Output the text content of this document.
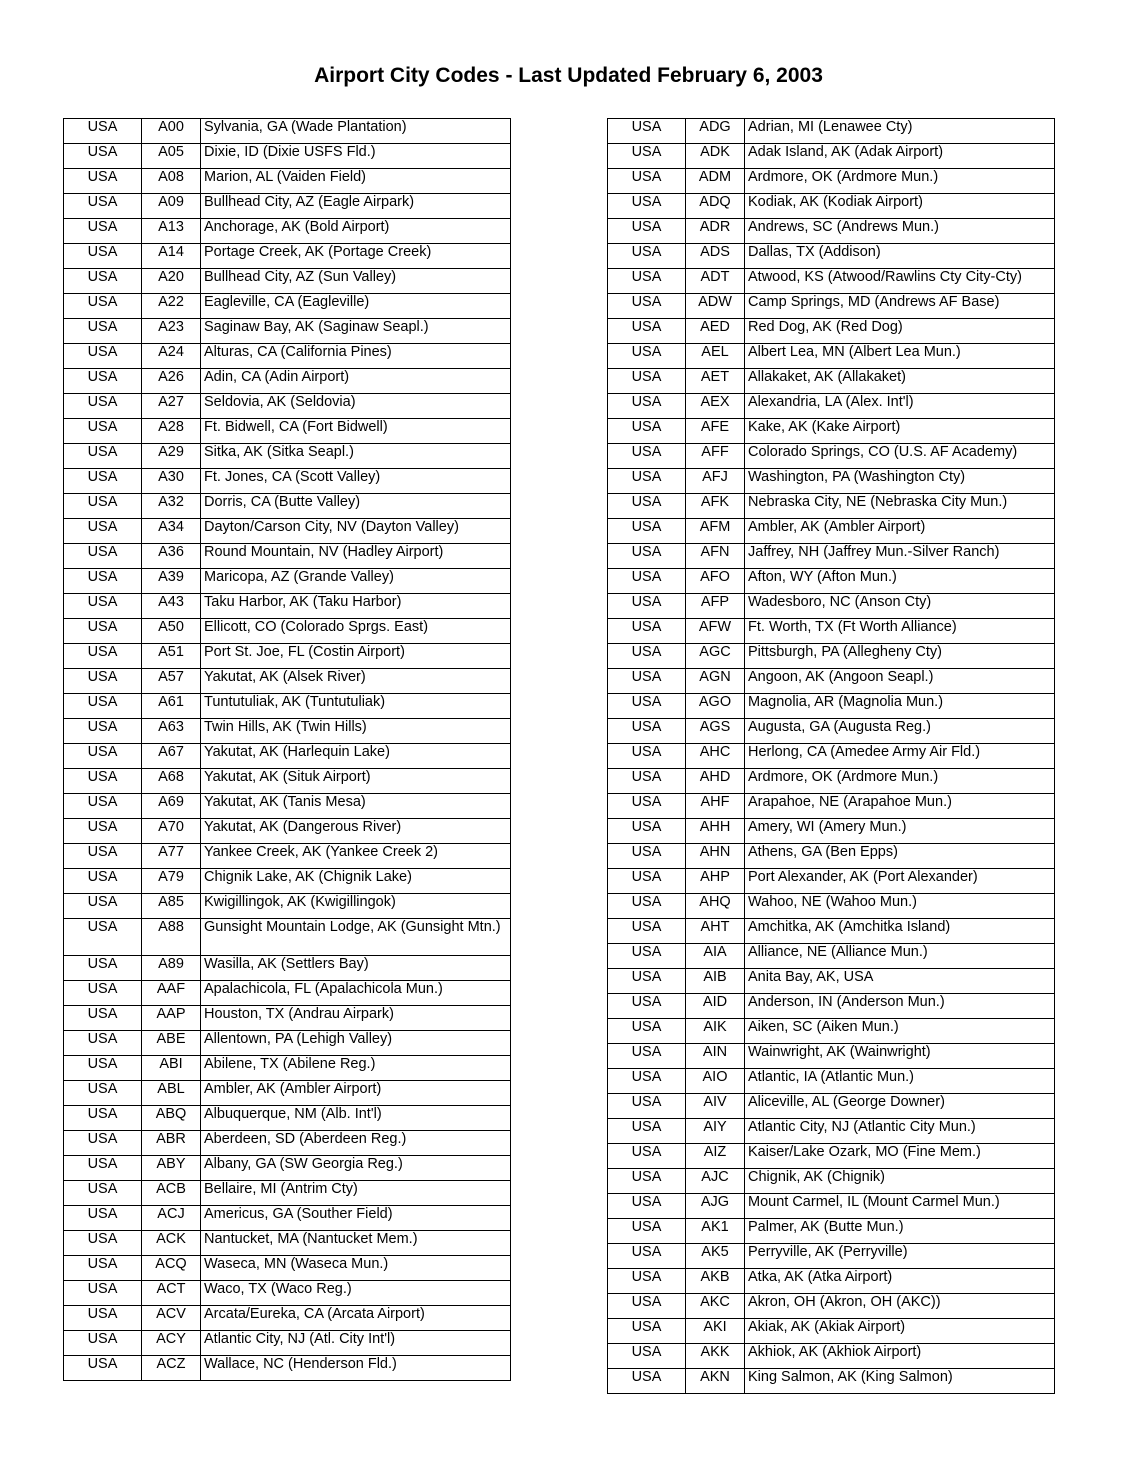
Airport City Codes - Last Updated February 6, 2003
USA	A00	Sylvania, GA (Wade Plantation)
USA	A05	Dixie, ID (Dixie USFS Fld.)
USA	A08	Marion, AL (Vaiden Field)
USA	A09	Bullhead City, AZ (Eagle Airpark)
USA	A13	Anchorage, AK (Bold Airport)
USA	A14	Portage Creek, AK (Portage Creek)
USA	A20	Bullhead City, AZ (Sun Valley)
USA	A22	Eagleville, CA (Eagleville)
USA	A23	Saginaw Bay, AK (Saginaw Seapl.)
USA	A24	Alturas, CA (California Pines)
USA	A26	Adin, CA (Adin Airport)
USA	A27	Seldovia, AK (Seldovia)
USA	A28	Ft. Bidwell, CA (Fort Bidwell)
USA	A29	Sitka, AK (Sitka Seapl.)
USA	A30	Ft. Jones, CA (Scott Valley)
USA	A32	Dorris, CA (Butte Valley)
USA	A34	Dayton/Carson City, NV (Dayton Valley)
USA	A36	Round Mountain, NV (Hadley Airport)
USA	A39	Maricopa, AZ (Grande Valley)
USA	A43	Taku Harbor, AK (Taku Harbor)
USA	A50	Ellicott, CO (Colorado Sprgs. East)
USA	A51	Port St. Joe, FL (Costin Airport)
USA	A57	Yakutat, AK (Alsek River)
USA	A61	Tuntutuliak, AK (Tuntutuliak)
USA	A63	Twin Hills, AK (Twin Hills)
USA	A67	Yakutat, AK (Harlequin Lake)
USA	A68	Yakutat, AK (Situk Airport)
USA	A69	Yakutat, AK (Tanis Mesa)
USA	A70	Yakutat, AK (Dangerous River)
USA	A77	Yankee Creek, AK (Yankee Creek 2)
USA	A79	Chignik Lake, AK (Chignik Lake)
USA	A85	Kwigillingok, AK (Kwigillingok)
USA	A88	Gunsight Mountain Lodge, AK (Gunsight Mtn.)
USA	A89	Wasilla, AK (Settlers Bay)
USA	AAF	Apalachicola, FL (Apalachicola Mun.)
USA	AAP	Houston, TX (Andrau Airpark)
USA	ABE	Allentown, PA (Lehigh Valley)
USA	ABI	Abilene, TX (Abilene Reg.)
USA	ABL	Ambler, AK (Ambler Airport)
USA	ABQ	Albuquerque, NM (Alb. Int'l)
USA	ABR	Aberdeen, SD (Aberdeen Reg.)
USA	ABY	Albany, GA (SW Georgia Reg.)
USA	ACB	Bellaire, MI (Antrim Cty)
USA	ACJ	Americus, GA (Souther Field)
USA	ACK	Nantucket, MA (Nantucket Mem.)
USA	ACQ	Waseca, MN (Waseca Mun.)
USA	ACT	Waco, TX (Waco Reg.)
USA	ACV	Arcata/Eureka, CA (Arcata Airport)
USA	ACY	Atlantic City, NJ (Atl. City Int'l)
USA	ACZ	Wallace, NC (Henderson Fld.)
USA	ADG	Adrian, MI (Lenawee Cty)
USA	ADK	Adak Island, AK (Adak Airport)
USA	ADM	Ardmore, OK (Ardmore Mun.)
USA	ADQ	Kodiak, AK (Kodiak Airport)
USA	ADR	Andrews, SC (Andrews Mun.)
USA	ADS	Dallas, TX (Addison)
USA	ADT	Atwood, KS (Atwood/Rawlins Cty City-Cty)
USA	ADW	Camp Springs, MD (Andrews AF Base)
USA	AED	Red Dog, AK (Red Dog)
USA	AEL	Albert Lea, MN (Albert Lea Mun.)
USA	AET	Allakaket, AK (Allakaket)
USA	AEX	Alexandria, LA (Alex. Int'l)
USA	AFE	Kake, AK (Kake Airport)
USA	AFF	Colorado Springs, CO (U.S. AF Academy)
USA	AFJ	Washington, PA (Washington Cty)
USA	AFK	Nebraska City, NE (Nebraska City Mun.)
USA	AFM	Ambler, AK (Ambler Airport)
USA	AFN	Jaffrey, NH (Jaffrey Mun.-Silver Ranch)
USA	AFO	Afton, WY (Afton Mun.)
USA	AFP	Wadesboro, NC (Anson Cty)
USA	AFW	Ft. Worth, TX (Ft Worth Alliance)
USA	AGC	Pittsburgh, PA (Allegheny Cty)
USA	AGN	Angoon, AK (Angoon Seapl.)
USA	AGO	Magnolia, AR (Magnolia Mun.)
USA	AGS	Augusta, GA (Augusta Reg.)
USA	AHC	Herlong, CA (Amedee Army Air Fld.)
USA	AHD	Ardmore, OK (Ardmore Mun.)
USA	AHF	Arapahoe, NE (Arapahoe Mun.)
USA	AHH	Amery, WI (Amery Mun.)
USA	AHN	Athens, GA (Ben Epps)
USA	AHP	Port Alexander, AK (Port Alexander)
USA	AHQ	Wahoo, NE (Wahoo Mun.)
USA	AHT	Amchitka, AK (Amchitka Island)
USA	AIA	Alliance, NE (Alliance Mun.)
USA	AIB	Anita Bay, AK, USA
USA	AID	Anderson, IN (Anderson Mun.)
USA	AIK	Aiken, SC (Aiken Mun.)
USA	AIN	Wainwright, AK (Wainwright)
USA	AIO	Atlantic, IA (Atlantic Mun.)
USA	AIV	Aliceville, AL (George Downer)
USA	AIY	Atlantic City, NJ (Atlantic City Mun.)
USA	AIZ	Kaiser/Lake Ozark, MO (Fine Mem.)
USA	AJC	Chignik, AK (Chignik)
USA	AJG	Mount Carmel, IL (Mount Carmel Mun.)
USA	AK1	Palmer, AK (Butte Mun.)
USA	AK5	Perryville, AK (Perryville)
USA	AKB	Atka, AK (Atka Airport)
USA	AKC	Akron, OH (Akron, OH (AKC))
USA	AKI	Akiak, AK (Akiak Airport)
USA	AKK	Akhiok, AK (Akhiok Airport)
USA	AKN	King Salmon, AK (King Salmon)
